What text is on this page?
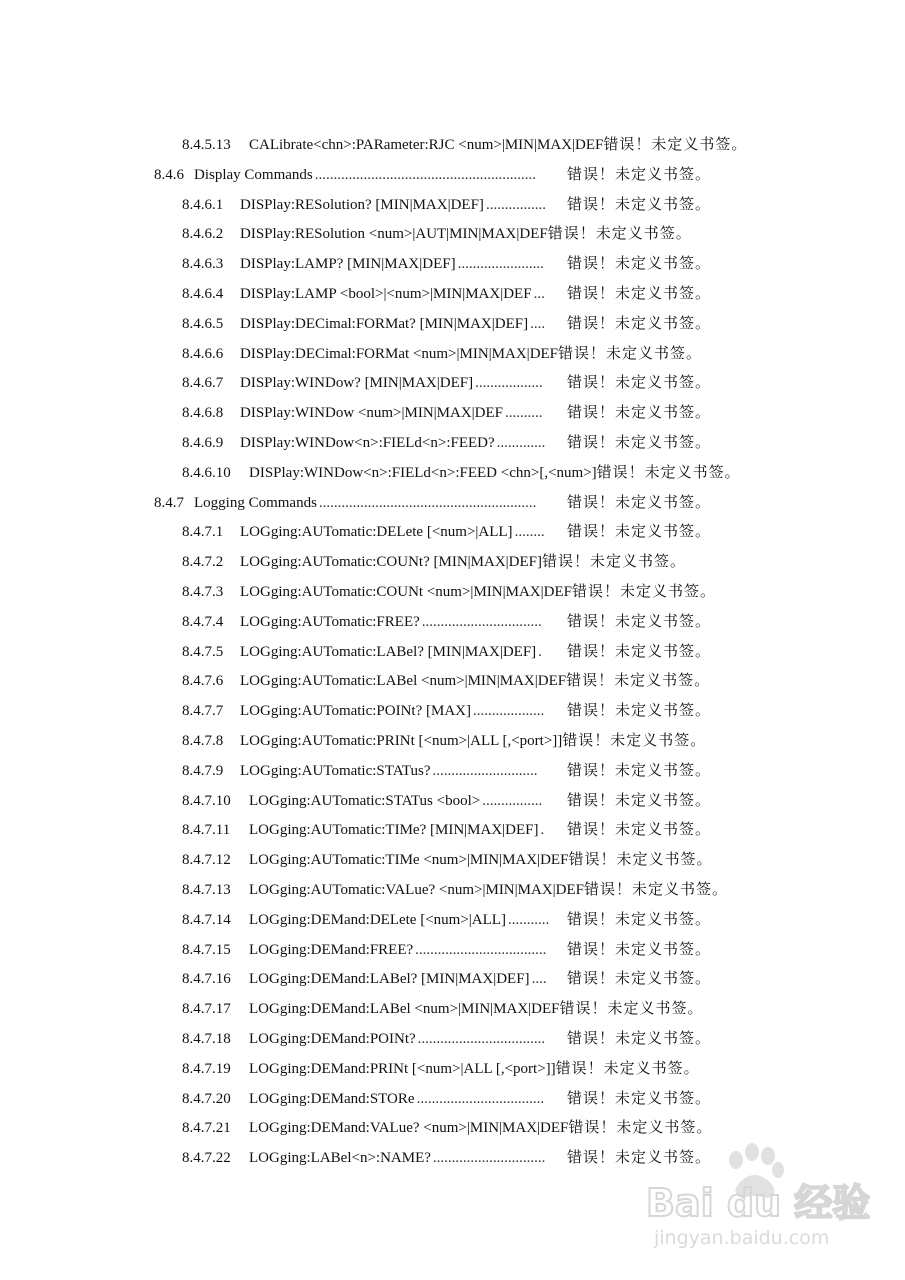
8.4.5.13	CALibrate<chn>:PARameter:RJC <num>|MIN|MAX|DEF 错误！未定义书签。
8.4.6 Display Commands ...........................................................	错误！未定义书签。
8.4.6.1	DISPlay:RESolution? [MIN|MAX|DEF] ................	错误！未定义书签。
8.4.6.2	DISPlay:RESolution <num>|AUT|MIN|MAX|DEF 错误！未定义书签。
8.4.6.3	DISPlay:LAMP? [MIN|MAX|DEF] .......................	错误！未定义书签。
8.4.6.4	DISPlay:LAMP <bool>|<num>|MIN|MAX|DEF ...	错误！未定义书签。
8.4.6.5	DISPlay:DECimal:FORMat? [MIN|MAX|DEF] ....	错误！未定义书签。
8.4.6.6	DISPlay:DECimal:FORMat <num>|MIN|MAX|DEF 错误！未定义书签。
8.4.6.7	DISPlay:WINDow? [MIN|MAX|DEF] ..................	错误！未定义书签。
8.4.6.8	DISPlay:WINDow <num>|MIN|MAX|DEF ..........	错误！未定义书签。
8.4.6.9	DISPlay:WINDow<n>:FIELd<n>:FEED? .............	错误！未定义书签。
8.4.6.10	DISPlay:WINDow<n>:FIELd<n>:FEED <chn>[,<num>] 错误！未定义书签。
8.4.7 Logging Commands ..........................................................	错误！未定义书签。
8.4.7.1	LOGging:AUTomatic:DELete [<num>|ALL] ........	错误！未定义书签。
8.4.7.2	LOGging:AUTomatic:COUNt? [MIN|MAX|DEF] 错误！未定义书签。
8.4.7.3	LOGging:AUTomatic:COUNt <num>|MIN|MAX|DEF 错误！未定义书签。
8.4.7.4	LOGging:AUTomatic:FREE? ................................	错误！未定义书签。
8.4.7.5	LOGging:AUTomatic:LABel? [MIN|MAX|DEF] .	错误！未定义书签。
8.4.7.6	LOGging:AUTomatic:LABel <num>|MIN|MAX|DEF 错误！未定义书签。
8.4.7.7	LOGging:AUTomatic:POINt? [MAX] ...................	错误！未定义书签。
8.4.7.8	LOGging:AUTomatic:PRINt [<num>|ALL [,<port>]] 错误！未定义书签。
8.4.7.9	LOGging:AUTomatic:STATus? ............................	错误！未定义书签。
8.4.7.10	LOGging:AUTomatic:STATus <bool> ................	错误！未定义书签。
8.4.7.11	LOGging:AUTomatic:TIMe? [MIN|MAX|DEF] .	错误！未定义书签。
8.4.7.12	LOGging:AUTomatic:TIMe <num>|MIN|MAX|DEF 错误！未定义书签。
8.4.7.13	LOGging:AUTomatic:VALue? <num>|MIN|MAX|DEF 错误！未定义书签。
8.4.7.14	LOGging:DEMand:DELete [<num>|ALL] ...........	错误！未定义书签。
8.4.7.15	LOGging:DEMand:FREE? ...................................	错误！未定义书签。
8.4.7.16	LOGging:DEMand:LABel? [MIN|MAX|DEF] ....	错误！未定义书签。
8.4.7.17	LOGging:DEMand:LABel <num>|MIN|MAX|DEF 错误！未定义书签。
8.4.7.18	LOGging:DEMand:POINt? ..................................	错误！未定义书签。
8.4.7.19	LOGging:DEMand:PRINt [<num>|ALL [,<port>]] 错误！未定义书签。
8.4.7.20	LOGging:DEMand:STORe ..................................	错误！未定义书签。
8.4.7.21	LOGging:DEMand:VALue? <num>|MIN|MAX|DEF 错误！未定义书签。
8.4.7.22	LOGging:LABel<n>:NAME? ..............................	错误！未定义书签。
Bai du 经验
jingyan.baidu.com
